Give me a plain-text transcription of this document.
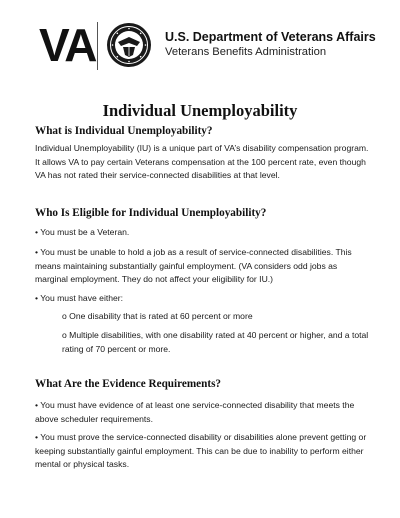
VA	U.S. Department of Veterans Affairs
Veterans Benefits Administration
Individual Unemployability
What is Individual Unemployability?

Individual Unemployability (IU) is a unique part of VA’s disability compensation program. It allows VA to pay certain Veterans compensation at the 100 percent rate, even though VA has not rated their service-connected disabilities at that level.

Who Is Eligible for Individual Unemployability?

• You must be a Veteran.

• You must be unable to hold a job as a result of service-connected disabilities. This means maintaining substantially gainful employment. (VA considers odd jobs as marginal employment. They do not affect your eligibility for IU.)

• You must have either:

o One disability that is rated at 60 percent or more

o Multiple disabilities, with one disability rated at 40 percent or higher, and a total rating of 70 percent or more.

What Are the Evidence Requirements?

• You must have evidence of at least one service-connected disability that meets the above scheduler requirements.

• You must prove the service-connected disability or disabilities alone prevent getting or keeping substantially gainful employment. This can be due to inability to perform either mental or physical tasks.
